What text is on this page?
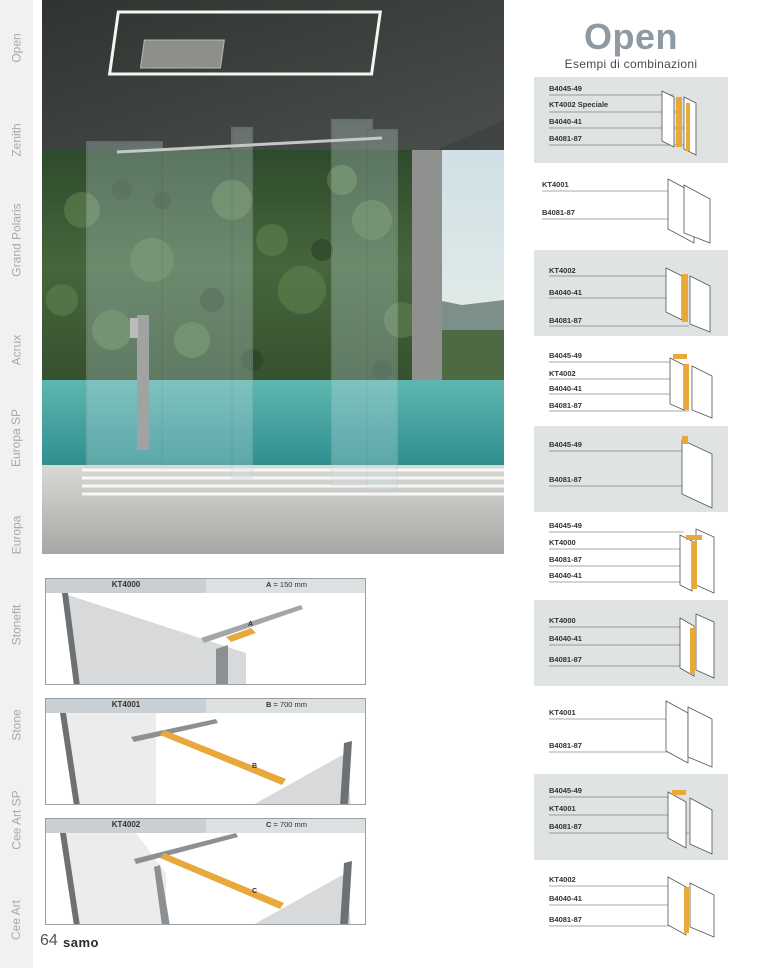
Open
Zenith
Grand Polaris
Acrux
Europa SP
Europa
Stonefit
Stone
Cee Art SP
Cee Art
Open
Esempi di combinazioni
B4045-49
KT4002 Speciale
B4040-41
B4081-87
KT4001
B4081-87
KT4002
B4040-41
B4081-87
B4045-49
KT4002
B4040-41
B4081-87
B4045-49
B4081-87
B4045-49
KT4000
B4081-87
B4040-41
KT4000
B4040-41
B4081-87
KT4001
B4081-87
B4045-49
KT4001
B4081-87
KT4002
B4040-41
B4081-87
KT4000	A = 150 mm
A
KT4001	B = 700 mm
B
KT4002	C = 700 mm
C
64 samo
